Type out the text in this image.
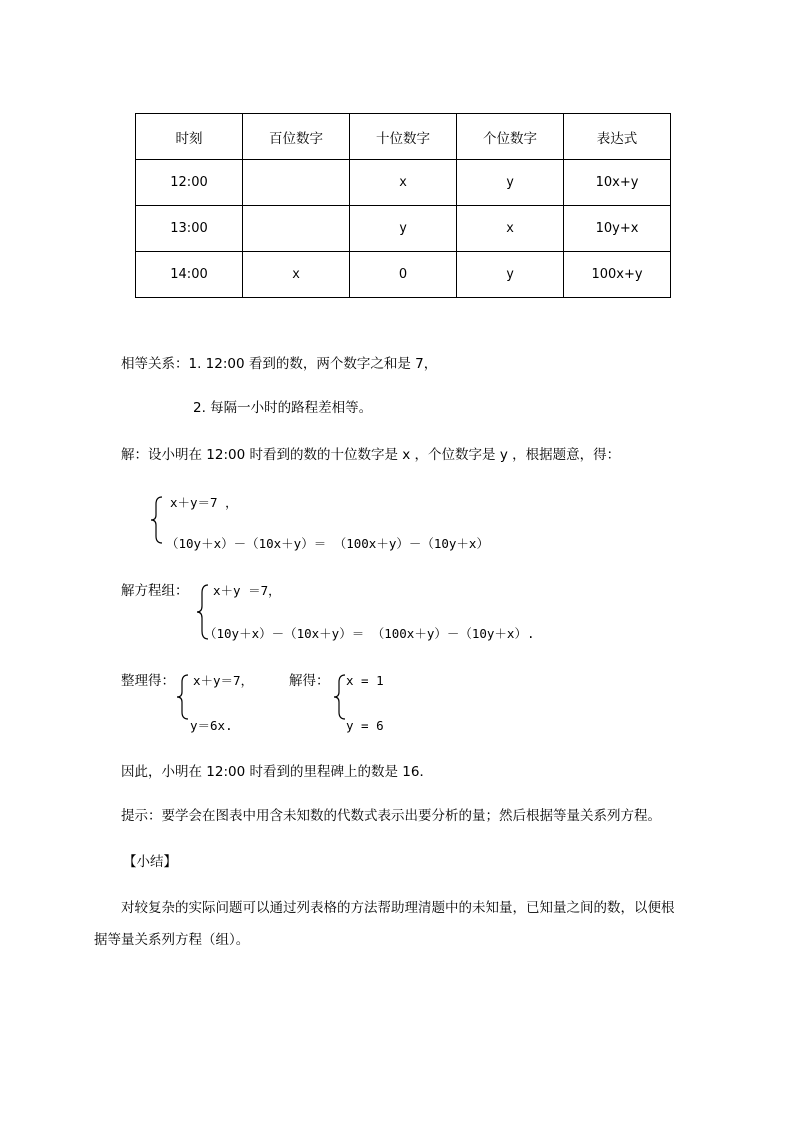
时刻	百位数字	十位数字	个位数字	表达式
12:00		x	y	10x+y
13:00		y	x	10y+x
14:00	x	0	y	100x+y
相等关系：1. 12:00 看到的数，两个数字之和是 7，
2. 每隔一小时的路程差相等。
解：设小明在 12:00 时看到的数的十位数字是 x ，个位数字是 y ，根据题意，得：
x＋y＝7 ，
（10y＋x）－（10x＋y）＝ （100x＋y）－（10y＋x）
解方程组： x＋y ＝7，
（10y＋x）－（10x＋y）＝ （100x＋y）－（10y＋x）.
整理得： x＋y＝7，
y＝6x.
解得： x = 1
y = 6
因此，小明在 12:00 时看到的里程碑上的数是 16．
提示：要学会在图表中用含未知数的代数式表示出要分析的量；然后根据等量关系列方程。
【小结】
对较复杂的实际问题可以通过列表格的方法帮助理清题中的未知量，已知量之间的数，以便根
据等量关系列方程（组）。
